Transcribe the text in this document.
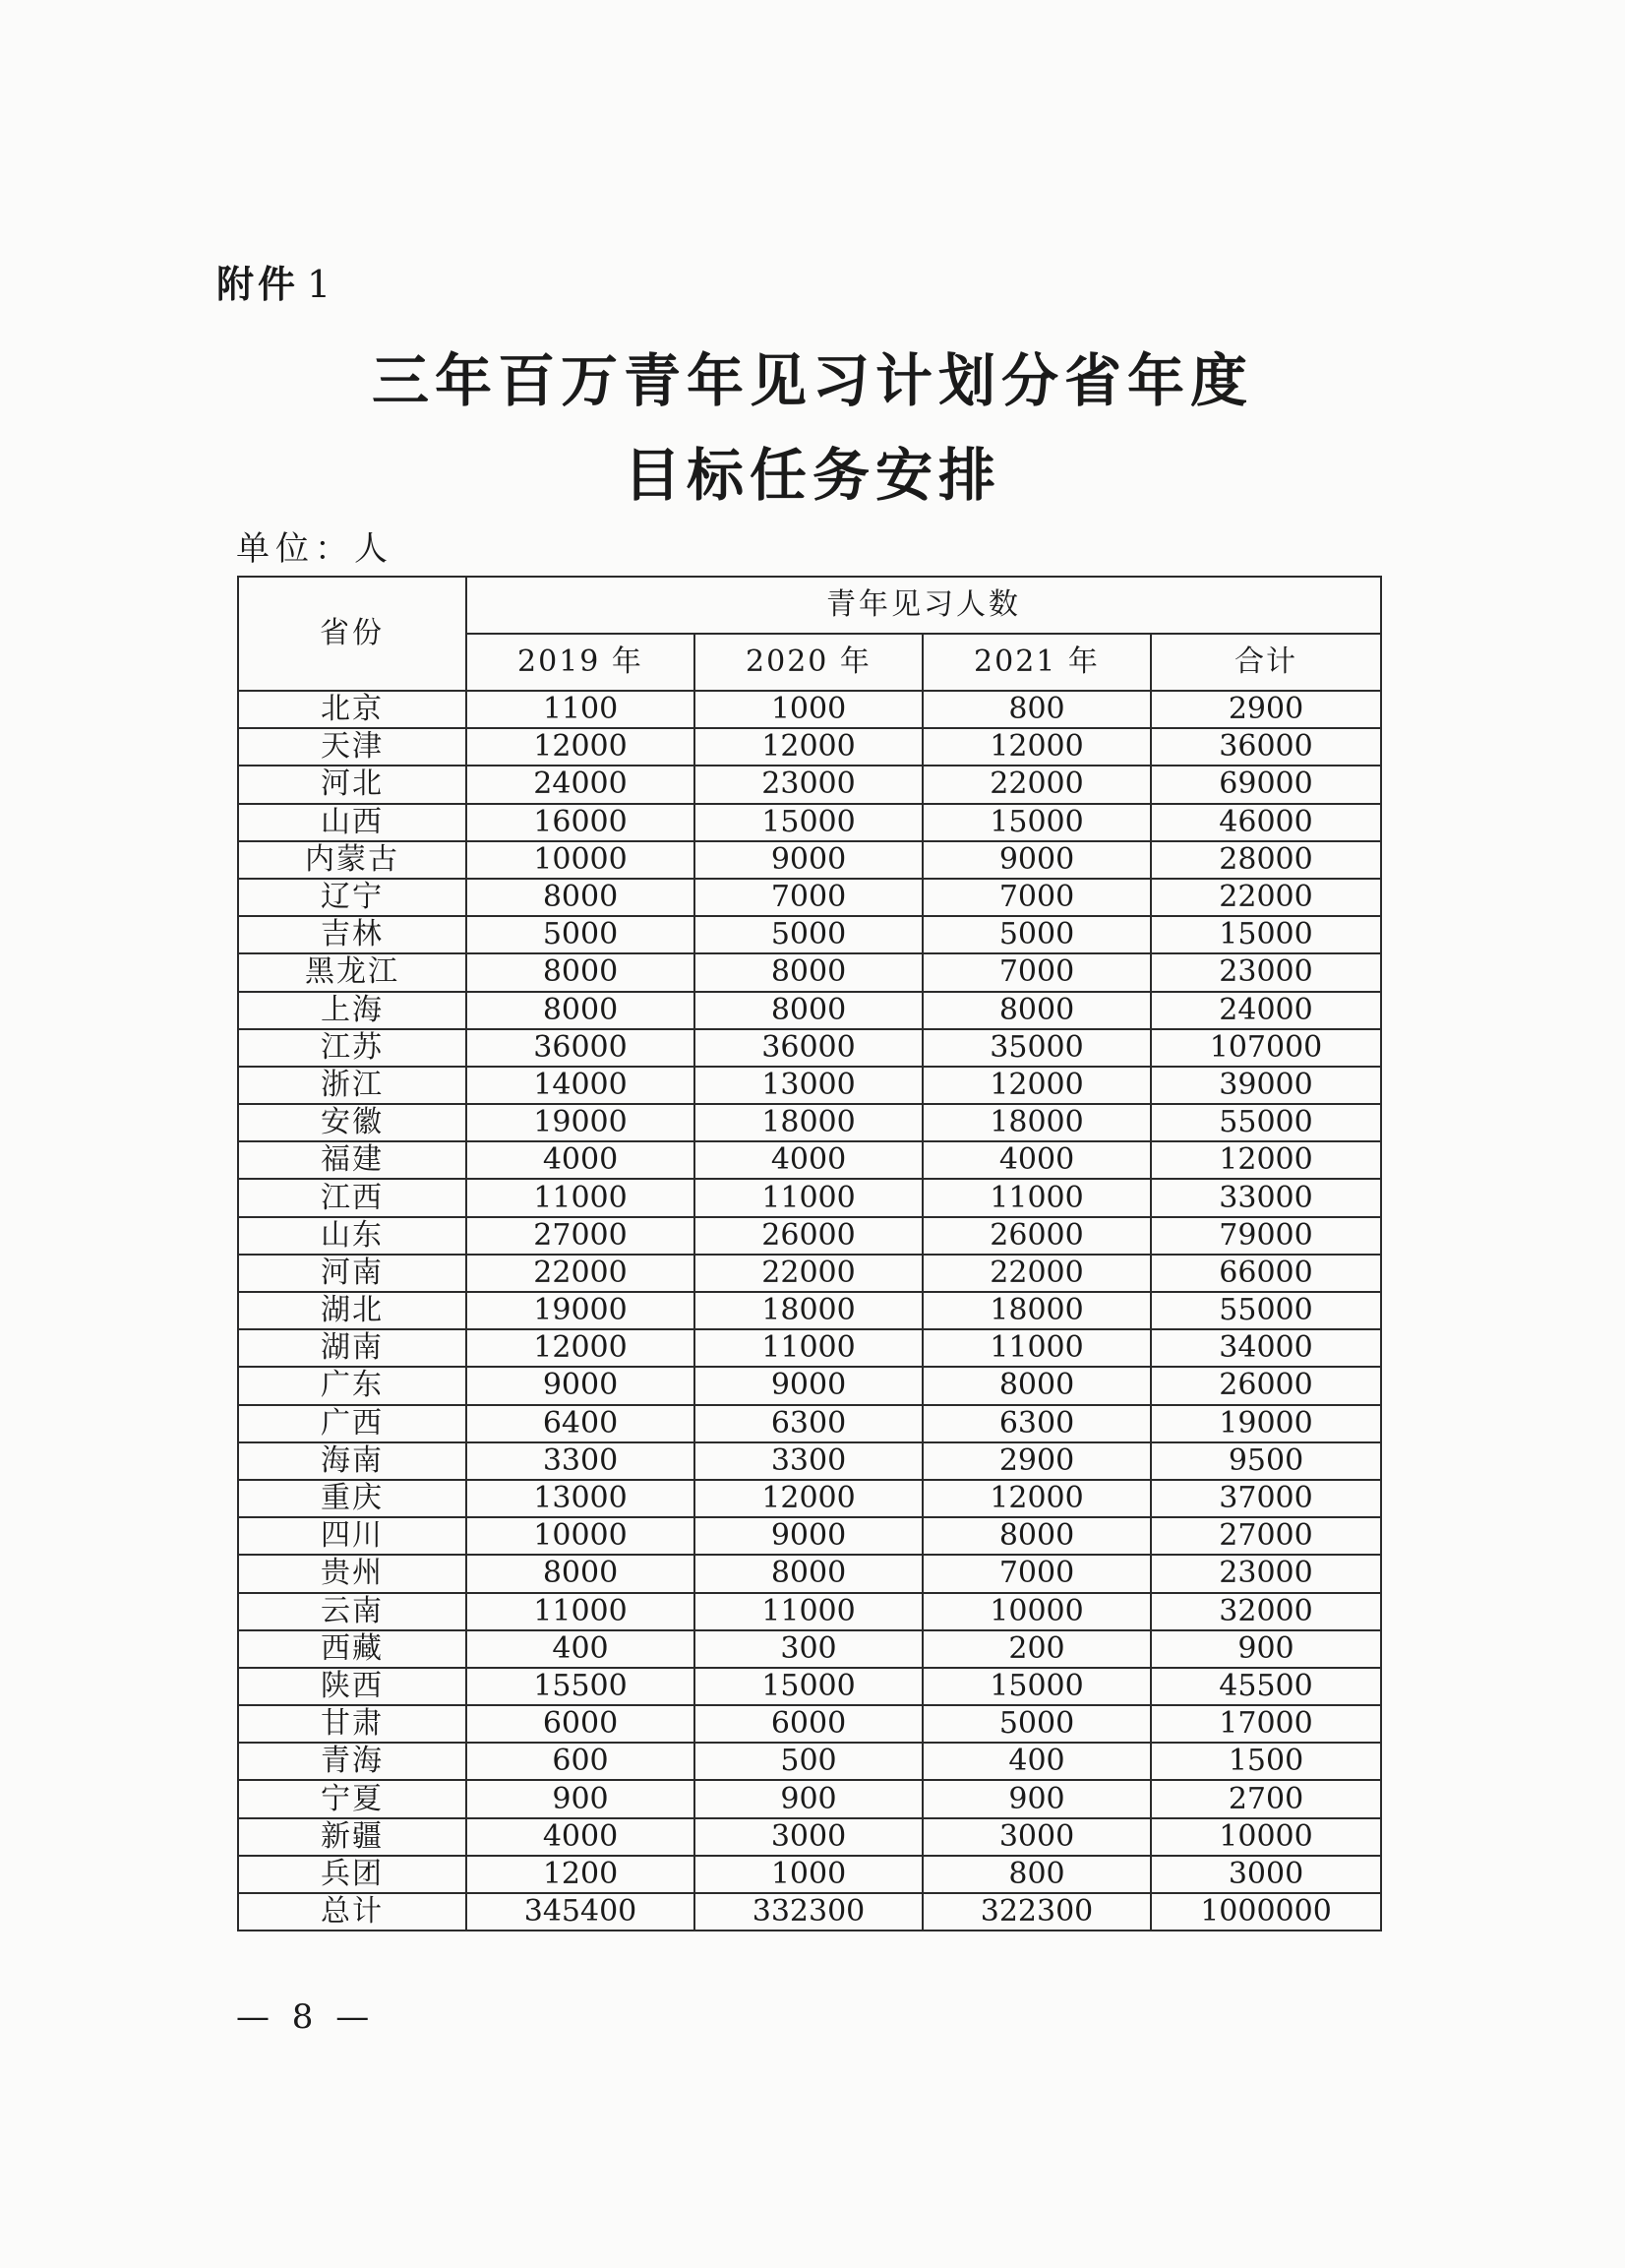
附件 1
三年百万青年见习计划分省年度
目标任务安排
单位：人
省份	青年见习人数			
	2019 年	2020 年	2021 年	合计
北京	1100	1000	800	2900
天津	12000	12000	12000	36000
河北	24000	23000	22000	69000
山西	16000	15000	15000	46000
内蒙古	10000	9000	9000	28000
辽宁	8000	7000	7000	22000
吉林	5000	5000	5000	15000
黑龙江	8000	8000	7000	23000
上海	8000	8000	8000	24000
江苏	36000	36000	35000	107000
浙江	14000	13000	12000	39000
安徽	19000	18000	18000	55000
福建	4000	4000	4000	12000
江西	11000	11000	11000	33000
山东	27000	26000	26000	79000
河南	22000	22000	22000	66000
湖北	19000	18000	18000	55000
湖南	12000	11000	11000	34000
广东	9000	9000	8000	26000
广西	6400	6300	6300	19000
海南	3300	3300	2900	9500
重庆	13000	12000	12000	37000
四川	10000	9000	8000	27000
贵州	8000	8000	7000	23000
云南	11000	11000	10000	32000
西藏	400	300	200	900
陕西	15500	15000	15000	45500
甘肃	6000	6000	5000	17000
青海	600	500	400	1500
宁夏	900	900	900	2700
新疆	4000	3000	3000	10000
兵团	1200	1000	800	3000
总计	345400	332300	322300	1000000
— 8 —
